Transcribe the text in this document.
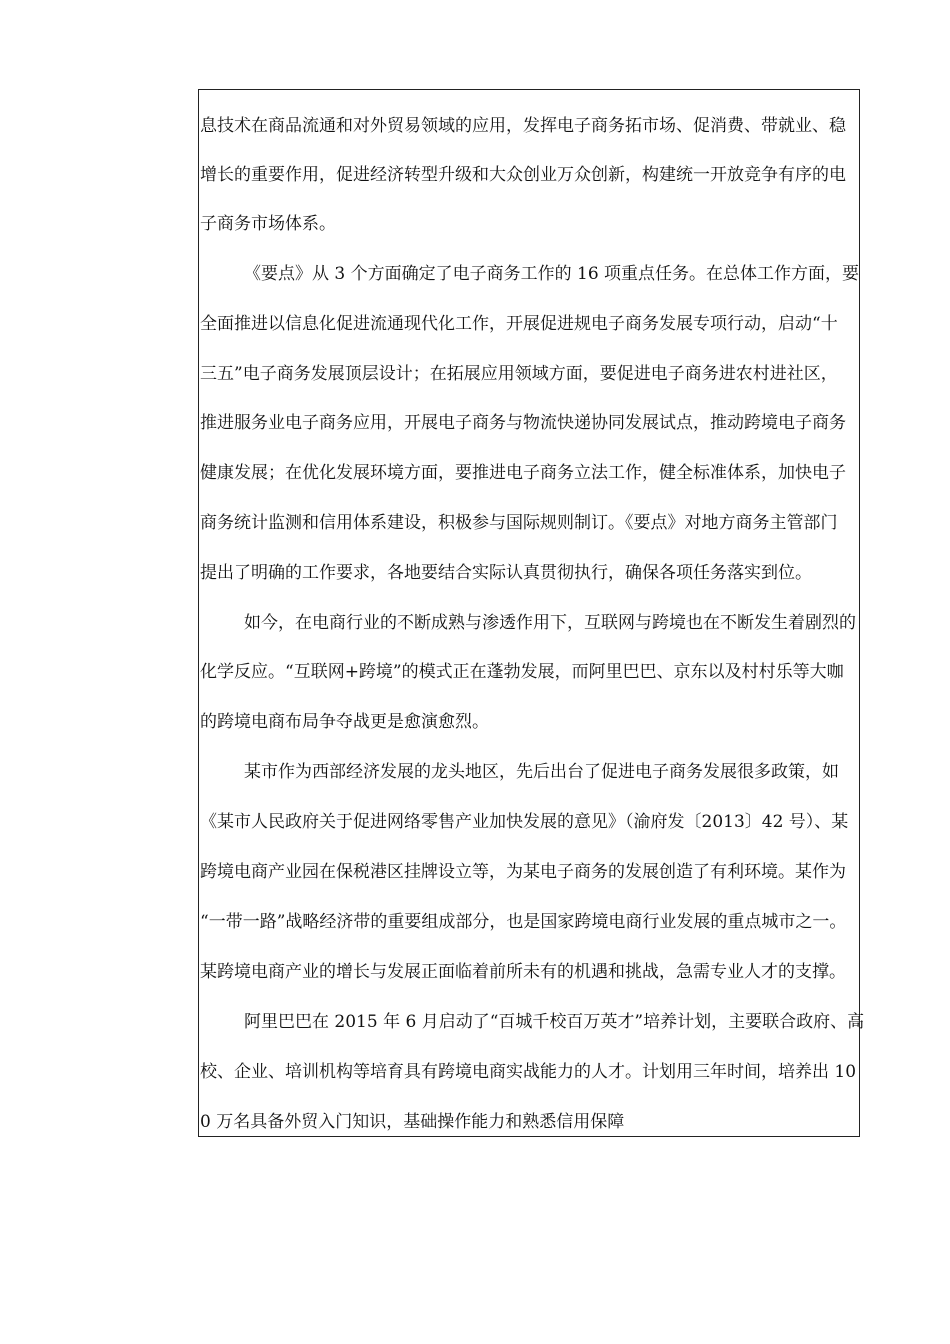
息技术在商品流通和对外贸易领域的应用，发挥电子商务拓市场、促消费、带就业、稳
增长的重要作用，促进经济转型升级和大众创业万众创新，构建统一开放竞争有序的电
子商务市场体系。
《要点》从 3 个方面确定了电子商务工作的 16 项重点任务。在总体工作方面，要
全面推进以信息化促进流通现代化工作，开展促进规电子商务发展专项行动，启动“十
三五”电子商务发展顶层设计；在拓展应用领域方面，要促进电子商务进农村进社区，
推进服务业电子商务应用，开展电子商务与物流快递协同发展试点，推动跨境电子商务
健康发展；在优化发展环境方面，要推进电子商务立法工作，健全标准体系，加快电子
商务统计监测和信用体系建设，积极参与国际规则制订。《要点》对地方商务主管部门
提出了明确的工作要求，各地要结合实际认真贯彻执行，确保各项任务落实到位。
如今，在电商行业的不断成熟与渗透作用下，互联网与跨境也在不断发生着剧烈的
化学反应。“互联网+跨境”的模式正在蓬勃发展，而阿里巴巴、京东以及村村乐等大咖
的跨境电商布局争夺战更是愈演愈烈。
某市作为西部经济发展的龙头地区，先后出台了促进电子商务发展很多政策，如
《某市人民政府关于促进网络零售产业加快发展的意见》（渝府发〔2013〕42 号）、某
跨境电商产业园在保税港区挂牌设立等，为某电子商务的发展创造了有利环境。某作为
“一带一路”战略经济带的重要组成部分，也是国家跨境电商行业发展的重点城市之一。
某跨境电商产业的增长与发展正面临着前所未有的机遇和挑战，急需专业人才的支撑。
阿里巴巴在 2015 年 6 月启动了“百城千校百万英才”培养计划，主要联合政府、高
校、企业、培训机构等培育具有跨境电商实战能力的人才。计划用三年时间，培养出 10
0 万名具备外贸入门知识，基础操作能力和熟悉信用保障
